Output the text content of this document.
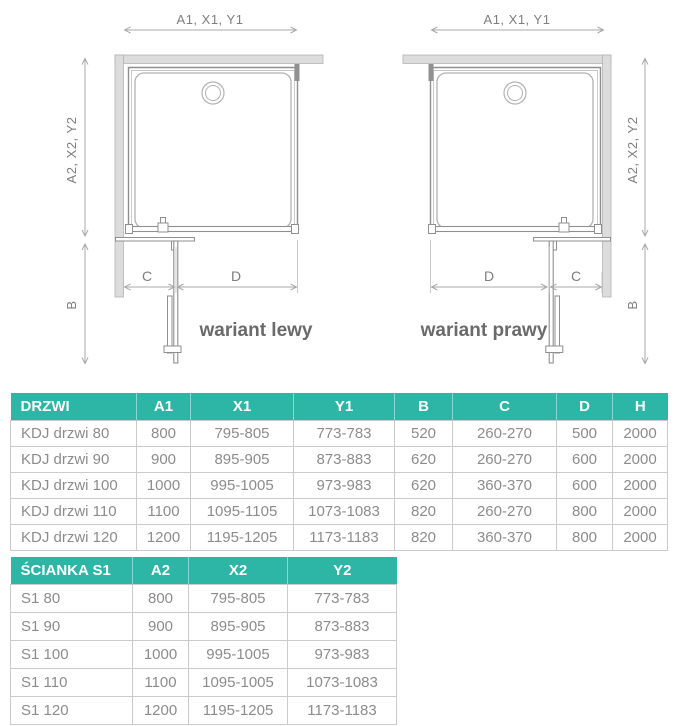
A1, X1, Y1
A2, X2, Y2
B
C	D
wariant lewy
A1, X1, Y1
A2, X2, Y2
B
D	C
wariant prawy
DRZWI	A1	X1	Y1	B	C	D	H
KDJ drzwi 80	800	795-805	773-783	520	260-270	500	2000
KDJ drzwi 90	900	895-905	873-883	620	260-270	600	2000
KDJ drzwi 100	1000	995-1005	973-983	620	360-370	600	2000
KDJ drzwi 110	1100	1095-1105	1073-1083	820	260-270	800	2000
KDJ drzwi 120	1200	1195-1205	1173-1183	820	360-370	800	2000
ŚCIANKA S1	A2	X2	Y2
S1 80	800	795-805	773-783
S1 90	900	895-905	873-883
S1 100	1000	995-1005	973-983
S1 110	1100	1095-1005	1073-1083
S1 120	1200	1195-1205	1173-1183
